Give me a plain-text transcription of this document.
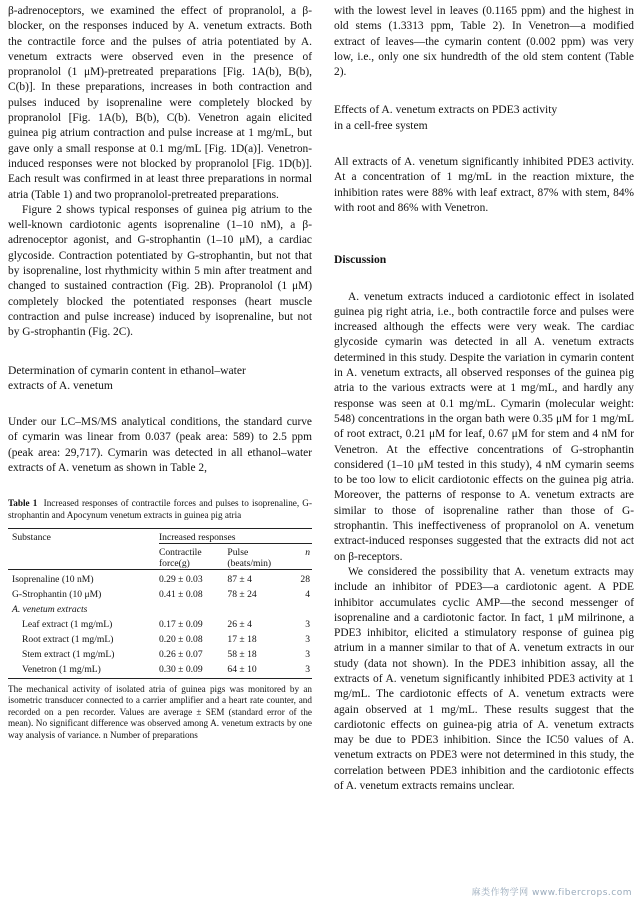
β-adrenoceptors, we examined the effect of propranolol, a β-blocker, on the responses induced by A. venetum extracts. Both the contractile force and the pulses of atria potentiated by A. venetum extracts were observed even in the presence of propranolol (1 μM)-pretreated preparations [Fig. 1A(b), B(b), C(b)]. In these preparations, increases in both contraction and pulses induced by isoprenaline were completely blocked by propranolol [Fig. 1A(b), B(b), C(b). Venetron again elicited guinea pig atrium contraction and pulse increase at 1 mg/mL, but gave only a small response at 0.1 mg/mL [Fig. 1D(a)]. Venetron-induced responses were not blocked by propranolol [Fig. 1D(b)]. Each result was confirmed in at least three preparations in normal atria (Table 1) and two propranolol-pretreated preparations.

Figure 2 shows typical responses of guinea pig atrium to the well-known cardiotonic agents isoprenaline (1–10 nM), a β-adrenoceptor agonist, and G-strophantin (1–10 μM), a cardiac glycoside. Contraction potentiated by G-strophantin, but not that by isoprenaline, lost rhythmicity within 5 min after treatment and changed to sustained contraction (Fig. 2B). Propranolol (1 μM) completely blocked the potentiated responses (heart muscle contraction and pulse increase) induced by isoprenaline, but not by G-strophantin (Fig. 2C).

Determination of cymarin content in ethanol–water

extracts of A. venetum

Under our LC–MS/MS analytical conditions, the standard curve of cymarin was linear from 0.037 (peak area: 589) to 2.5 ppm (peak area: 29,717). Cymarin was detected in all ethanol–water extracts of A. venetum as shown in Table 2,

Table 1 Increased responses of contractile forces and pulses to isoprenaline, G-strophantin and Apocynum venetum extracts in guinea pig atria

Substance	Increased responses		
	Contractile force(g)	Pulse (beats/min)	n

Isoprenaline (10 nM)	0.29 ± 0.03	87 ± 4	28
G-Strophantin (10 μM)	0.41 ± 0.08	78 ± 24	4
A. venetum extracts			
Leaf extract (1 mg/mL)	0.17 ± 0.09	26 ± 4	3
Root extract (1 mg/mL)	0.20 ± 0.08	17 ± 18	3
Stem extract (1 mg/mL)	0.26 ± 0.07	58 ± 18	3
Venetron (1 mg/mL)	0.30 ± 0.09	64 ± 10	3

The mechanical activity of isolated atria of guinea pigs was monitored by an isometric transducer connected to a carrier amplifier and a heart rate counter, and recorded on a pen recorder. Values are average ± SEM (standard error of the mean). No significant difference was observed among A. venetum extracts by one way analysis of variance. n Number of preparations

with the lowest level in leaves (0.1165 ppm) and the highest in old stems (1.3313 ppm, Table 2). In Venetron—a modified extract of leaves—the cymarin content (0.002 ppm) was very low, i.e., only one six hundredth of the old stem content (Table 2).

Effects of A. venetum extracts on PDE3 activity

in a cell-free system

All extracts of A. venetum significantly inhibited PDE3 activity. At a concentration of 1 mg/mL in the reaction mixture, the inhibition rates were 88% with leaf extract, 87% with stem, 84% with root and 86% with Venetron.

Discussion

A. venetum extracts induced a cardiotonic effect in isolated guinea pig right atria, i.e., both contractile force and pulses were increased although the effects were very weak. The cardiac glycoside cymarin was detected in all A. venetum extracts determined in this study. Despite the variation in cymarin content in A. venetum extracts, all observed responses of the guinea pig atria to the various extracts were at 1 mg/mL, and hardly any response was seen at 0.1 mg/mL. Cymarin (molecular weight: 548) concentrations in the organ bath were 0.35 μM for 1 mg/mL of root extract, 0.21 μM for leaf, 0.67 μM for stem and 4 nM for Venetron. At the effective concentrations of G-strophantin considered (1–10 μM tested in this study), 4 nM cymarin seems to be too low to elicit cardiotonic effects on the guinea pig atria. Moreover, the patterns of response to A. venetum extracts are similar to those of isoprenaline rather than those of G-strophantin. This ineffectiveness of propranolol on A. venetum extract-induced responses suggested that the extracts did not act on β-receptors.

We considered the possibility that A. venetum extracts may include an inhibitor of PDE3—a cardiotonic agent. A PDE inhibitor accumulates cyclic AMP—the second messenger of isoprenaline and a cardiotonic factor. In fact, 1 μM milrinone, a PDE3 inhibitor, elicited a stimulatory response of guinea pig atrium in a manner similar to that of A. venetum extracts in our study (data not shown). In the PDE3 inhibition assay, all the extracts of A. venetum significantly inhibited PDE3 activity at 1 mg/mL. The cardiotonic effects of A. venetum extracts were again observed at 1 mg/mL. These results suggest that the cardiotonic effects on guinea-pig atria of A. venetum extracts may be due to PDE3 inhibition. Since the IC50 values of A. venetum extracts on PDE3 were not determined in this study, the correlation between PDE3 inhibition and the cardiotonic effects of A. venetum extracts remains unclear.

麻类作物学网 www.fibercrops.com
